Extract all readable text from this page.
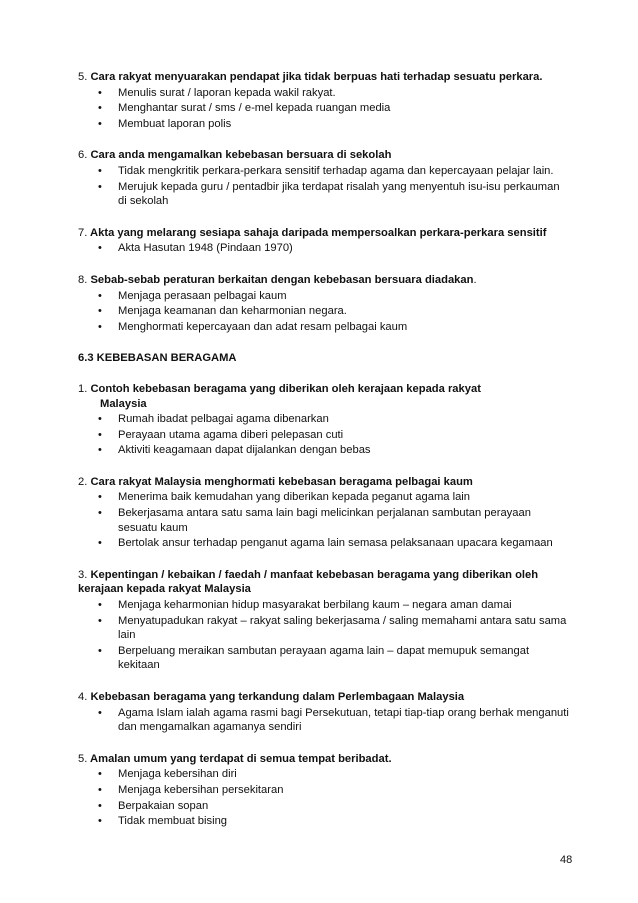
5. Cara rakyat menyuarakan pendapat jika tidak berpuas hati terhadap sesuatu perkara.
• Menulis surat / laporan kepada wakil rakyat.
• Menghantar surat / sms / e-mel kepada ruangan media
• Membuat laporan polis
6. Cara anda mengamalkan kebebasan bersuara di sekolah
• Tidak mengkritik perkara-perkara sensitif terhadap agama dan kepercayaan pelajar lain.
• Merujuk kepada guru / pentadbir jika terdapat risalah yang menyentuh isu-isu perkauman di sekolah
7. Akta yang melarang sesiapa sahaja daripada mempersoalkan perkara-perkara sensitif
• Akta Hasutan 1948 (Pindaan 1970)
8. Sebab-sebab peraturan berkaitan dengan kebebasan bersuara diadakan.
• Menjaga perasaan pelbagai kaum
• Menjaga keamanan dan keharmonian negara.
• Menghormati kepercayaan dan adat resam pelbagai kaum
6.3 KEBEBASAN BERAGAMA
1. Contoh kebebasan beragama yang diberikan oleh kerajaan kepada rakyat
Malaysia
• Rumah ibadat pelbagai agama dibenarkan
• Perayaan utama agama diberi pelepasan cuti
• Aktiviti keagamaan dapat dijalankan dengan bebas
2. Cara rakyat Malaysia menghormati kebebasan beragama pelbagai kaum
• Menerima baik kemudahan yang diberikan kepada peganut agama lain
• Bekerjasama antara satu sama lain bagi melicinkan perjalanan sambutan perayaan sesuatu kaum
• Bertolak ansur terhadap penganut agama lain semasa pelaksanaan upacara kegamaan
3. Kepentingan / kebaikan / faedah / manfaat kebebasan beragama yang diberikan oleh kerajaan kepada rakyat Malaysia
• Menjaga keharmonian hidup masyarakat berbilang kaum – negara aman damai
• Menyatupadukan rakyat – rakyat saling bekerjasama / saling memahami antara satu sama lain
• Berpeluang meraikan sambutan perayaan agama lain – dapat memupuk semangat kekitaan
4. Kebebasan beragama yang terkandung dalam Perlembagaan Malaysia
• Agama Islam ialah agama rasmi bagi Persekutuan, tetapi tiap-tiap orang berhak menganuti dan mengamalkan agamanya sendiri
5. Amalan umum yang terdapat di semua tempat beribadat.
• Menjaga kebersihan diri
• Menjaga kebersihan persekitaran
• Berpakaian sopan
• Tidak membuat bising
48
